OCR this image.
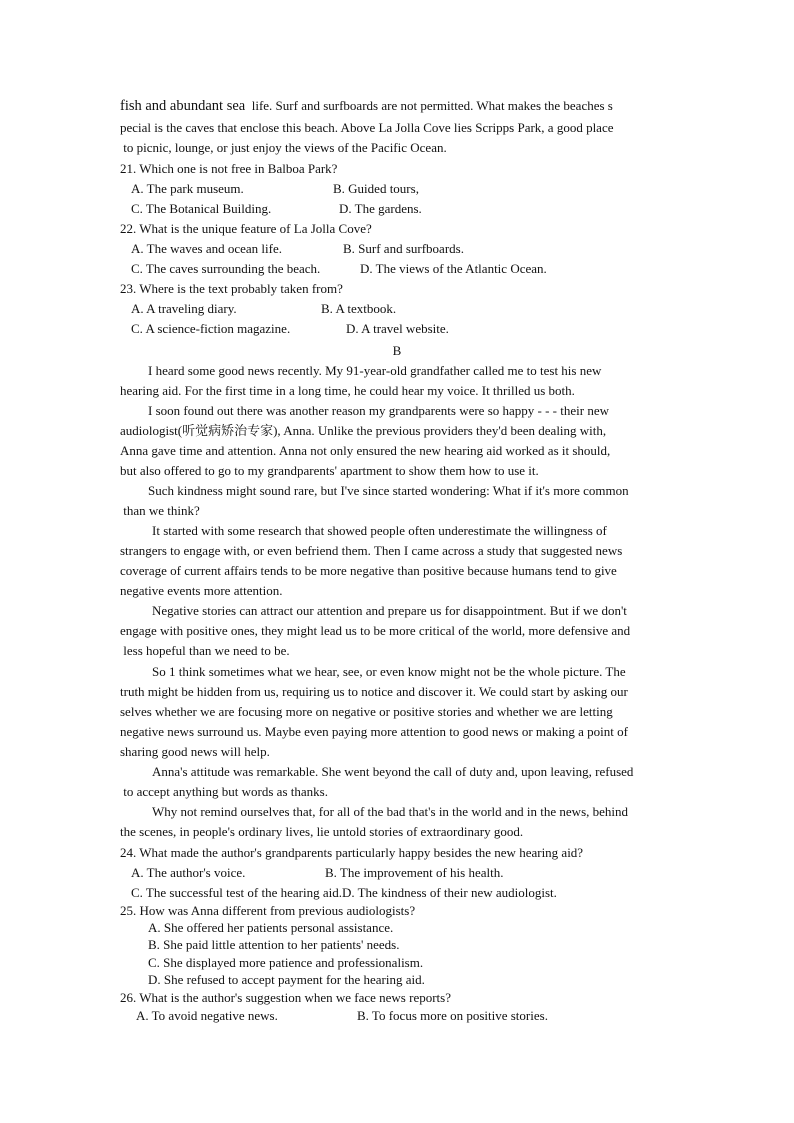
fish and abundant sea  life. Surf and surfboards are not permitted. What makes the beaches s
pecial is the caves that enclose this beach. Above La Jolla Cove lies Scripps Park, a good place
to picnic, lounge, or just enjoy the views of the Pacific Ocean.
21. Which one is not free in Balboa Park?
A. The park museum.	B. Guided tours,
C. The Botanical Building.	D. The gardens.
22. What is the unique feature of La Jolla Cove?
A. The waves and ocean life.	B. Surf and surfboards.
C. The caves surrounding the beach.	D. The views of the Atlantic Ocean.
23. Where is the text probably taken from?
A. A traveling diary.	B. A textbook.
C. A science-fiction magazine.	D. A travel website.
B
I heard some good news recently. My 91-year-old grandfather called me to test his new
hearing aid. For the first time in a long time, he could hear my voice. It thrilled us both.
I soon found out there was another reason my grandparents were so happy - - - their new
audiologist(听觉病矫治专家), Anna. Unlike the previous providers they'd been dealing with,
Anna gave time and attention. Anna not only ensured the new hearing aid worked as it should,
but also offered to go to my grandparents' apartment to show them how to use it.
Such kindness might sound rare, but I've since started wondering: What if it's more common
than we think?
It started with some research that showed people often underestimate the willingness of
strangers to engage with, or even befriend them. Then I came across a study that suggested news
coverage of current affairs tends to be more negative than positive because humans tend to give
negative events more attention.
Negative stories can attract our attention and prepare us for disappointment. But if we don't
engage with positive ones, they might lead us to be more critical of the world, more defensive and
less hopeful than we need to be.
So 1 think sometimes what we hear, see, or even know might not be the whole picture. The
truth might be hidden from us, requiring us to notice and discover it. We could start by asking our
selves whether we are focusing more on negative or positive stories and whether we are letting
negative news surround us. Maybe even paying more attention to good news or making a point of
sharing good news will help.
Anna's attitude was remarkable. She went beyond the call of duty and, upon leaving, refused
to accept anything but words as thanks.
Why not remind ourselves that, for all of the bad that's in the world and in the news, behind
the scenes, in people's ordinary lives, lie untold stories of extraordinary good.
24. What made the author's grandparents particularly happy besides the new hearing aid?
A. The author's voice.	B. The improvement of his health.
C. The successful test of the hearing aid.D. The kindness of their new audiologist.
25. How was Anna different from previous audiologists?
A. She offered her patients personal assistance.
B. She paid little attention to her patients' needs.
C. She displayed more patience and professionalism.
D. She refused to accept payment for the hearing aid.
26. What is the author's suggestion when we face news reports?
A. To avoid negative news.	B. To focus more on positive stories.
